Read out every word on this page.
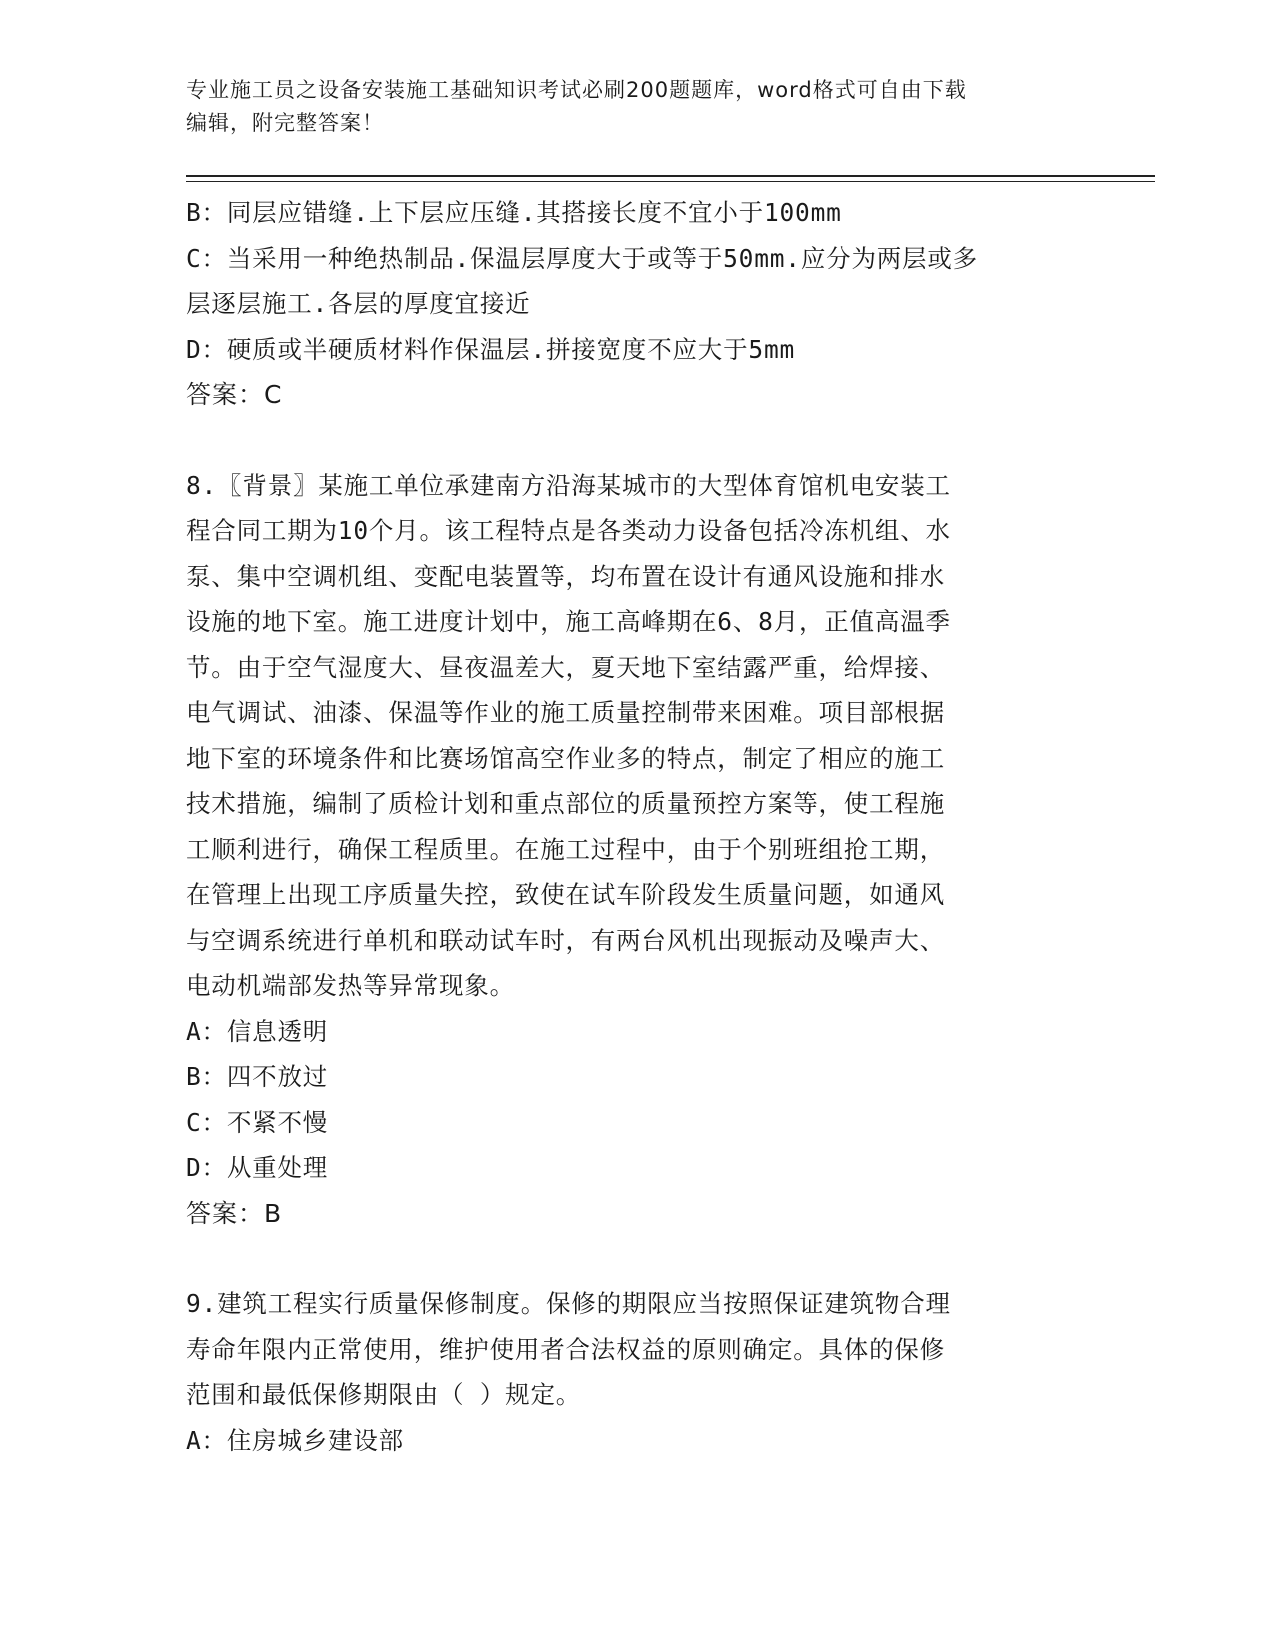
专业施工员之设备安装施工基础知识考试必刷200题题库，word格式可自由下载
编辑，附完整答案！

B：同层应错缝.上下层应压缝.其搭接长度不宜小于100mm

C：当采用一种绝热制品.保温层厚度大于或等于50mm.应分为两层或多

层逐层施工.各层的厚度宜接近

D：硬质或半硬质材料作保温层.拼接宽度不应大于5mm

答案：C

8.〖背景〗某施工单位承建南方沿海某城市的大型体育馆机电安装工

程合同工期为10个月。该工程特点是各类动力设备包括冷冻机组、水

泵、集中空调机组、变配电装置等，均布置在设计有通风设施和排水

设施的地下室。施工进度计划中，施工高峰期在6、8月，正值高温季

节。由于空气湿度大、昼夜温差大，夏天地下室结露严重，给焊接、

电气调试、油漆、保温等作业的施工质量控制带来困难。项目部根据

地下室的环境条件和比赛场馆高空作业多的特点，制定了相应的施工

技术措施，编制了质检计划和重点部位的质量预控方案等，使工程施

工顺利进行，确保工程质里。在施工过程中，由于个别班组抢工期，

在管理上出现工序质量失控，致使在试车阶段发生质量问题，如通风

与空调系统进行单机和联动试车时，有两台风机出现振动及噪声大、

电动机端部发热等异常现象。

A：信息透明

B：四不放过

C：不紧不慢

D：从重处理

答案：B

9.建筑工程实行质量保修制度。保修的期限应当按照保证建筑物合理

寿命年限内正常使用，维护使用者合法权益的原则确定。具体的保修

范围和最低保修期限由（ ）规定。

A：住房城乡建设部
